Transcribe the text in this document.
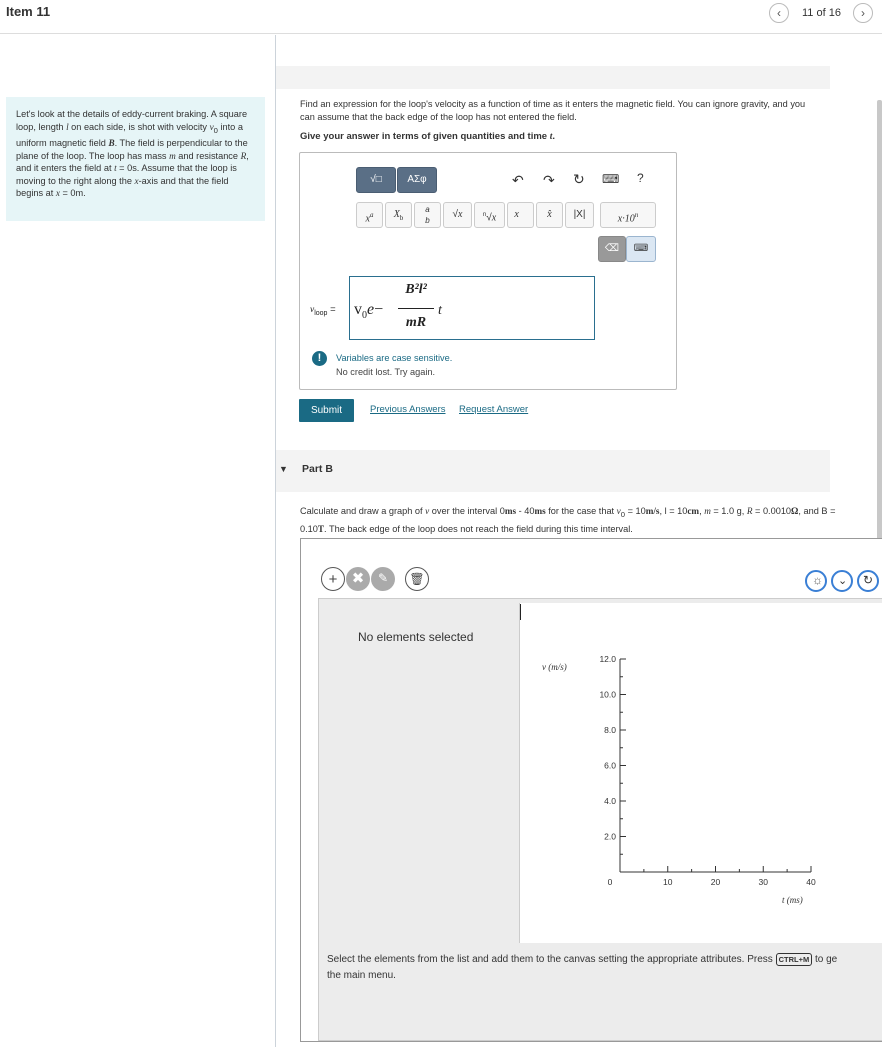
Item 11	‹	11 of 16	›
Let's look at the details of eddy-current braking. A square loop, length l on each side, is shot with velocity $v_0$ into a uniform magnetic field B. The field is perpendicular to the plane of the loop. The loop has mass m and resistance R, and it enters the field at t = 0s. Assume that the loop is moving to the right along the x-axis and that the field begins at x = 0m.
Find an expression for the loop's velocity as a function of time as it enters the magnetic field. You can ignore gravity, and you can assume that the back edge of the loop has not entered the field.
Give your answer in terms of given quantities and time t.
√□	ΑΣφ	↶ ↷ ↻ ⌨ ?
$x^a$	$X_b$
a
b
√x	$^n$√x	x⃗	x̂	|X|	$x\cdot 10^n$
⌫	⌨
$v_{loop} = v_0e-$
B²l²
mR
t
!	Variables are case sensitive.
No credit lost. Try again.
Submit	Previous Answers Request Answer
▼ Part B
Calculate and draw a graph of v over the interval 0ms - 40ms for the case that $v_0 = 10m/s$, l = 10cm, m = 1.0 g, R = 0.0010Ω, and B = 0.10T. The back edge of the loop does not reach the field during this time interval.
+ ✖	✎	🗑	☼ ⌄ ↻
No elements selected
12.0
10.0
8.0
6.0
4.0
2.0
0	10	20	30	40
v (m/s)
t (ms)
Select the elements from the list and add them to the canvas setting the appropriate attributes. Press CTRL+M to ge
the main menu.
